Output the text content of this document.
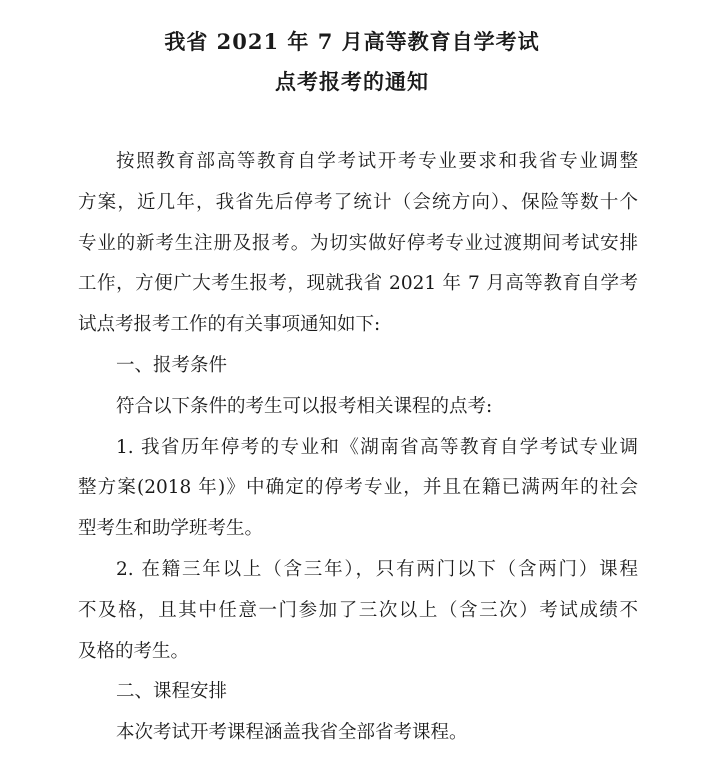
我省 2021 年 7 月高等教育自学考试
点考报考的通知
按照教育部高等教育自学考试开考专业要求和我省专业调整
方案，近几年，我省先后停考了统计（会统方向）、保险等数十个
专业的新考生注册及报考。为切实做好停考专业过渡期间考试安排
工作，方便广大考生报考，现就我省 2021 年 7 月高等教育自学考
试点考报考工作的有关事项通知如下:
一、报考条件
符合以下条件的考生可以报考相关课程的点考:
1. 我省历年停考的专业和《湖南省高等教育自学考试专业调
整方案(2018 年)》中确定的停考专业，并且在籍已满两年的社会
型考生和助学班考生。
2. 在籍三年以上（含三年），只有两门以下（含两门）课程
不及格，且其中任意一门参加了三次以上（含三次）考试成绩不
及格的考生。
二、课程安排
本次考试开考课程涵盖我省全部省考课程。
